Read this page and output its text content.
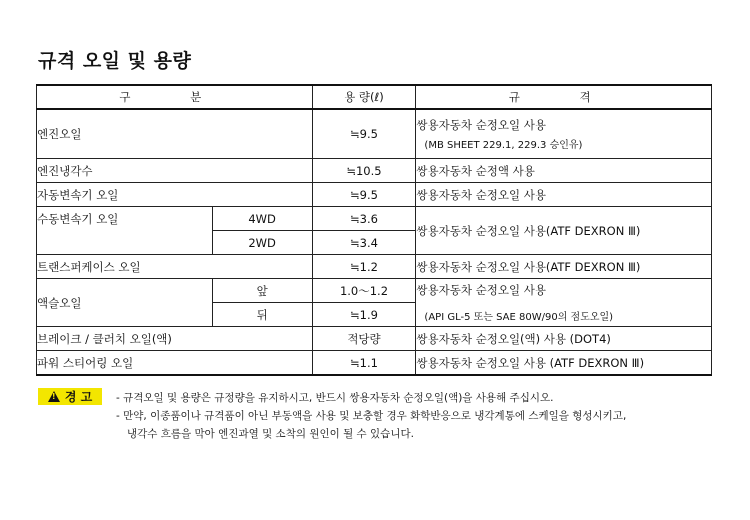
규격 오일 및 용량
구 분		용 량(ℓ)	규 격
엔진오일		≒9.5	쌍용자동차 순정오일 사용
(MB SHEET 229.1, 229.3 승인유)

엔진냉각수		≒10.5	쌍용자동차 순정액 사용
자동변속기 오일		≒9.5	쌍용자동차 순정오일 사용
수동변속기 오일	4WD	≒3.6	쌍용자동차 순정오일 사용(ATF DEXRON Ⅲ)
	2WD	≒3.4	
트랜스퍼케이스 오일		≒1.2	쌍용자동차 순정오일 사용(ATF DEXRON Ⅲ)
액슬오일	앞	1.0～1.2	쌍용자동차 순정오일 사용
(API GL-5 또는 SAE 80W/90의 점도오일)

	뒤	≒1.9	
브레이크 / 클러치 오일(액)		적당량	쌍용자동차 순정오일(액) 사용 (DOT4)
파워 스티어링 오일		≒1.1	쌍용자동차 순정오일 사용 (ATF DEXRON Ⅲ)
!
경 고 - 규격오일 및 용량은 규정량을 유지하시고, 반드시 쌍용자동차 순정오일(액)을 사용해 주십시오.
- 만약, 이종품이나 규격품이 아닌 부동액을 사용 및 보충할 경우 화학반응으로 냉각계통에 스케일을 형성시키고,
냉각수 흐름을 막아 엔진과열 및 소착의 원인이 될 수 있습니다.
